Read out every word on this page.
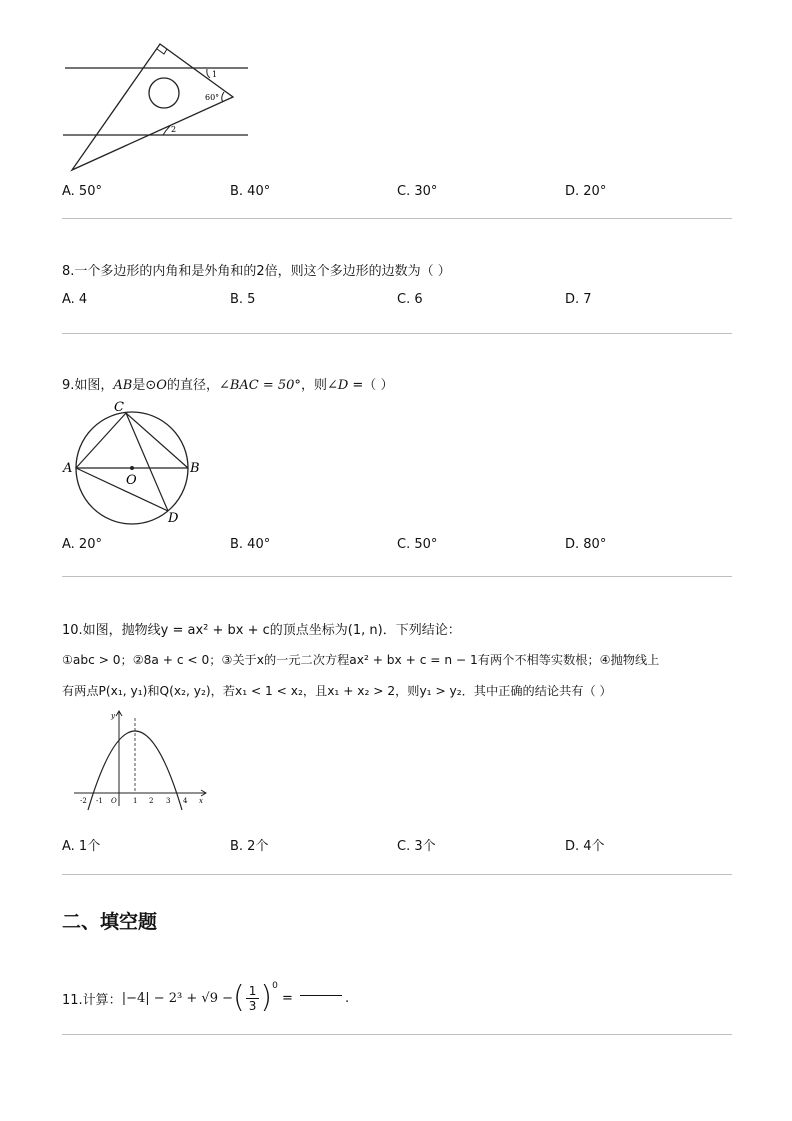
60°
1
2
A. 50°	B. 40°	C. 30°	D. 20°
8.一个多边形的内角和是外角和的2倍，则这个多边形的边数为（ ）
A. 4	B. 5	C. 6	D. 7
9.如图，AB是⊙O的直径，∠BAC = 50°，则∠D =（ ）
A	B
C
D
O
A. 20°	B. 40°	C. 50°	D. 80°
10.如图，抛物线y = ax² + bx + c的顶点坐标为(1, n)．下列结论：
①abc > 0；②8a + c < 0；③关于x的一元二次方程ax² + bx + c = n − 1有两个不相等实数根；④抛物线上
有两点P(x₁, y₁)和Q(x₂, y₂)，若x₁ < 1 < x₂，且x₁ + x₂ > 2，则y₁ > y₂．其中正确的结论共有（ ）
-2 -1 O 1 2 3 4 x
y
A. 1个	B. 2个	C. 3个	D. 4个
二、填空题
11.计算： |−4| − 2³ + √9 − ( $\frac{1}{3}$ ) 0
=	.
